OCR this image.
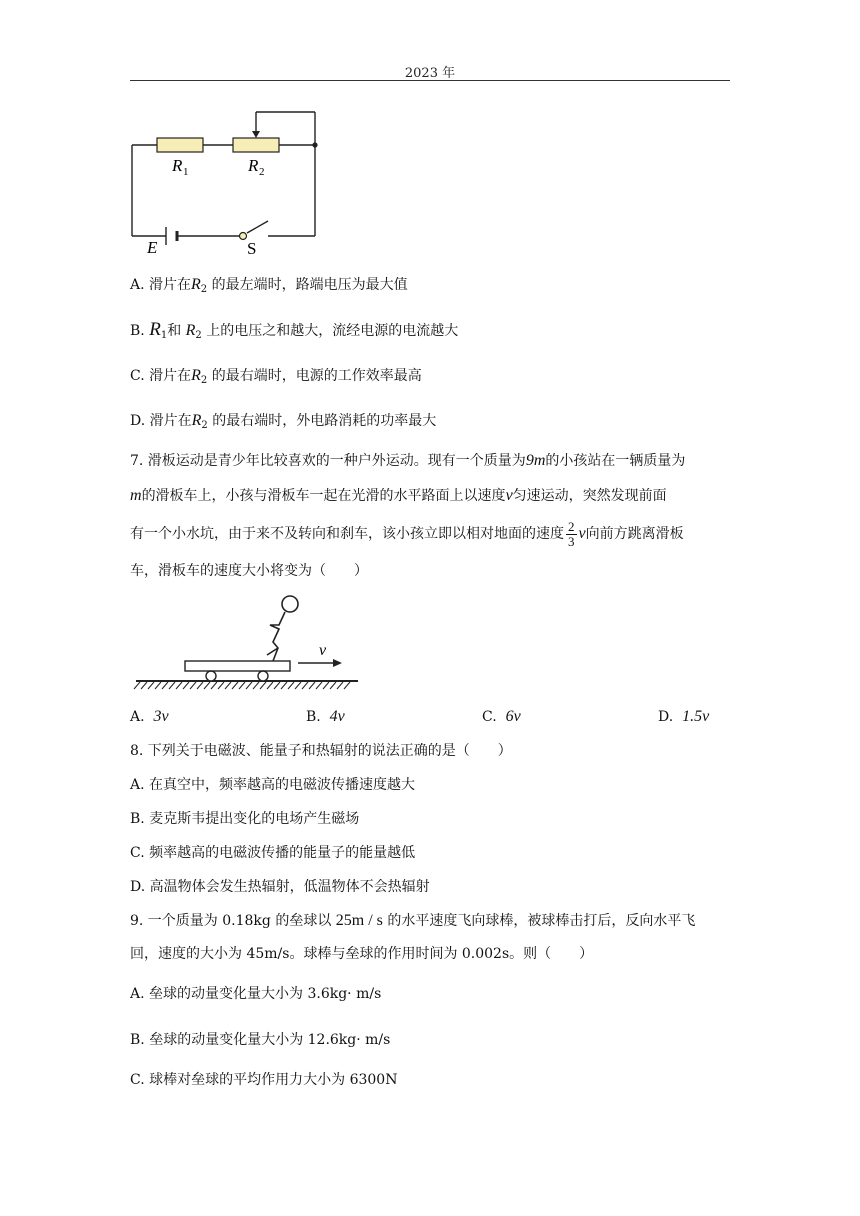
2023 年
R 1	R 2
E	S
A. 滑片在$R_2$ 的最左端时，路端电压为最大值
B. $R_1$和 $R_2$ 上的电压之和越大，流经电源的电流越大
C. 滑片在$R_2$ 的最右端时，电源的工作效率最高
D. 滑片在$R_2$ 的最右端时，外电路消耗的功率最大
7. 滑板运动是青少年比较喜欢的一种户外运动。现有一个质量为9m的小孩站在一辆质量为
m的滑板车上，小孩与滑板车一起在光滑的水平路面上以速度v匀速运动，突然发现前面
有一个小水坑，由于来不及转向和刹车，该小孩立即以相对地面的速度 $\frac{2}{3}$ v向前方跳离滑板
车，滑板车的速度大小将变为（　　）
v
A. 3v	B. 4v	C. 6v	D. 1.5v
8. 下列关于电磁波、能量子和热辐射的说法正确的是（　　）
A. 在真空中，频率越高的电磁波传播速度越大
B. 麦克斯韦提出变化的电场产生磁场
C. 频率越高的电磁波传播的能量子的能量越低
D. 高温物体会发生热辐射，低温物体不会热辐射
9. 一个质量为 0.18kg 的垒球以 25m / s 的水平速度飞向球棒，被球棒击打后，反向水平飞
回，速度的大小为 45m/s。球棒与垒球的作用时间为 0.002s。则（　　）
A. 垒球的动量变化量大小为 3.6kg· m/s
B. 垒球的动量变化量大小为 12.6kg· m/s
C. 球棒对垒球的平均作用力大小为 6300N
